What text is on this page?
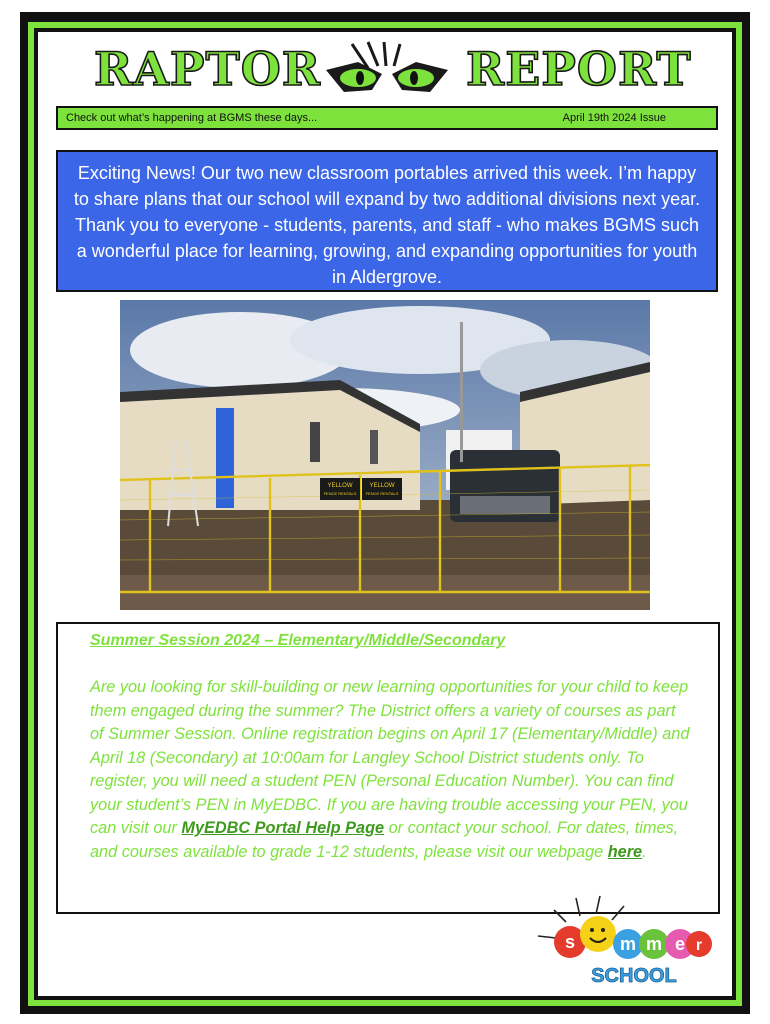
RAPTOR	REPORT
Check out what’s happening at BGMS these days...	April 19th 2024 Issue
Exciting News! Our two new classroom portables arrived this week. I’m happy to share plans that our school will expand by two additional divisions next year. Thank you to everyone - students, parents, and staff - who makes BGMS such a wonderful place for learning, growing, and expanding opportunities for youth in Aldergrove.
YELLOW
FENCE RENTALS
YELLOW
FENCE RENTALS
Summer Session 2024 – Elementary/Middle/Secondary
Are you looking for skill-building or new learning opportunities for your child to keep them engaged during the summer? The District offers a variety of courses as part of Summer Session. Online registration begins on April 17 (Elementary/Middle) and April 18 (Secondary) at 10:00am for Langley School District students only. To register, you will need a student PEN (Personal Education Number). You can find your student’s PEN in MyEDBC. If you are having trouble accessing your PEN, you can visit our MyEDBC Portal Help Page or contact your school. For dates, times, and courses available to grade 1-12 students, please visit our webpage here.
s m m e r
SCHOOL
